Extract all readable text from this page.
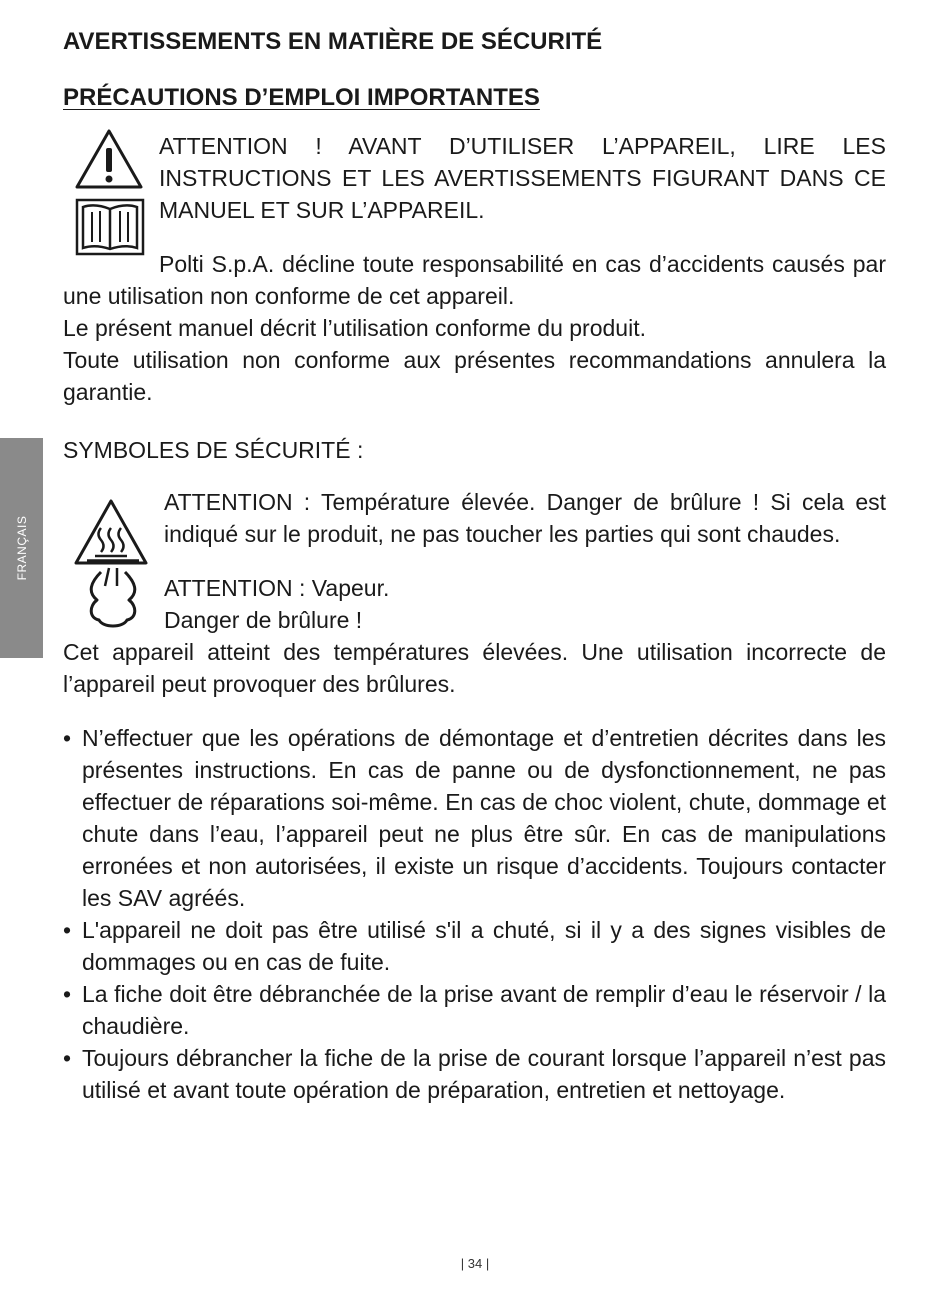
FRANÇAIS
AVERTISSEMENTS EN MATIÈRE DE SÉCURITÉ
PRÉCAUTIONS D’EMPLOI IMPORTANTES

ATTENTION ! AVANT D’UTILISER L’APPAREIL, LIRE LES INSTRUCTIONS ET LES AVERTISSEMENTS FIGURANT DANS CE MANUEL ET SUR L’APPAREIL.

Polti S.p.A. décline toute responsabilité en cas d’accidents causés par une utilisation non conforme de cet appareil.

Le présent manuel décrit l’utilisation conforme du produit.

Toute utilisation non conforme aux présentes recommandations annulera la garantie.

SYMBOLES DE SÉCURITÉ :

ATTENTION : Température élevée. Danger de brûlure ! Si cela est indiqué sur le produit, ne pas toucher les parties qui sont chaudes.

ATTENTION : Vapeur.

Danger de brûlure !

Cet appareil atteint des températures élevées. Une utilisation incorrecte de l’appareil peut provoquer des brûlures.

• N’effectuer que les opérations de démontage et d’entretien décrites dans les présentes instructions. En cas de panne ou de dysfonctionnement, ne pas effectuer de réparations soi-même. En cas de choc violent, chute, dommage et chute dans l’eau, l’appareil peut ne plus être sûr. En cas de manipulations erronées et non autorisées, il existe un risque d’accidents. Toujours contacter les SAV agréés.
• L'appareil ne doit pas être utilisé s'il a chuté, si il y a des signes visibles de dommages ou en cas de fuite.
• La fiche doit être débranchée de la prise avant de remplir d’eau le réservoir / la chaudière.
• Toujours débrancher la fiche de la prise de courant lorsque l’appareil n’est pas utilisé et avant toute opération de préparation, entretien et nettoyage.
| 34 |
